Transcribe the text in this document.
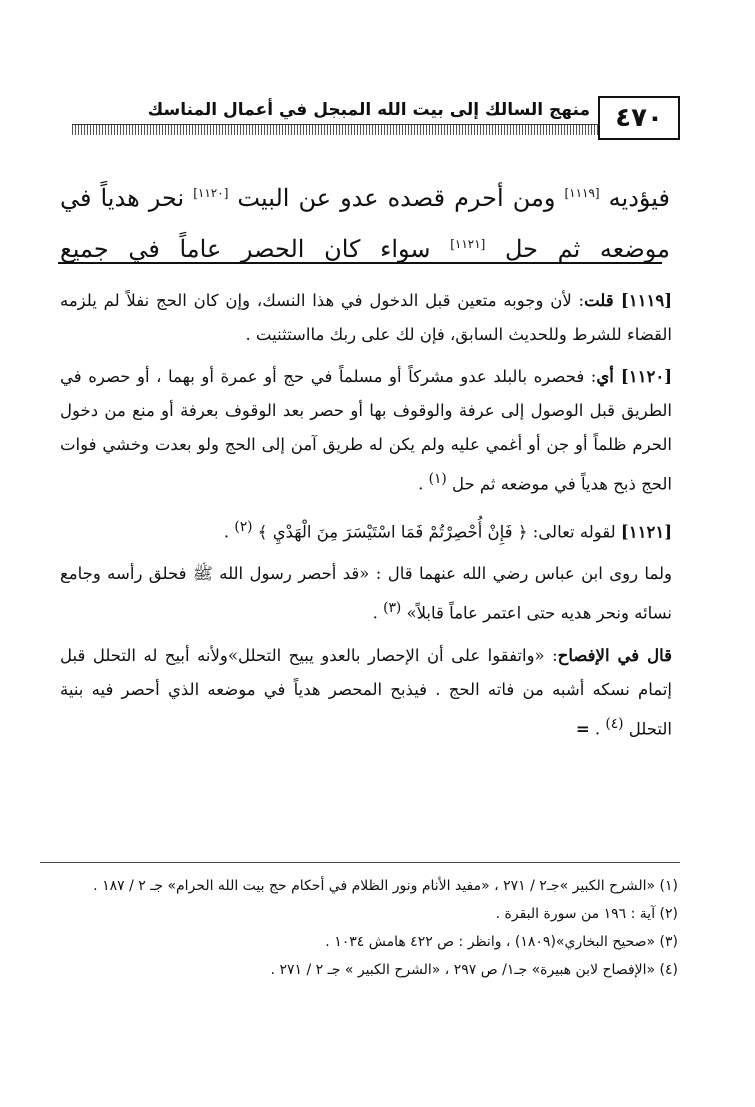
٤٧٠
منهج السالك إلى بيت الله المبجل في أعمال المناسك
فيؤديه [١١١٩] ومن أحرم قصده عدو عن البيت [١١٢٠] نحر هدياً في موضعه ثم حل [١١٢١] سواء كان الحصر عاماً في جميع

[١١١٩] قلت: لأن وجوبه متعين قبل الدخول في هذا النسك، وإن كان الحج نفلاً لم يلزمه القضاء للشرط وللحديث السابق، فإن لك على ربك مااستثنيت .

[١١٢٠] أي: فحصره بالبلد عدو مشركاً أو مسلماً في حج أو عمرة أو بهما ، أو حصره في الطريق قبل الوصول إلى عرفة والوقوف بها أو حصر بعد الوقوف بعرفة أو منع من دخول الحرم ظلماً أو جن أو أغمي عليه ولم يكن له طريق آمن إلى الحج ولو بعدت وخشي فوات الحج ذبح هدياً في موضعه ثم حل $^{(١)}$ .

[١١٢١] لقوله تعالى: ﴿ فَإِنْ أُحْصِرْتُمْ فَمَا اسْتَيْسَرَ مِنَ الْهَدْيِ ﴾ $^{(٢)}$ .

ولما روى ابن عباس رضي الله عنهما قال : «قد أحصر رسول الله ﷺ فحلق رأسه وجامع نسائه ونحر هديه حتى اعتمر عاماً قابلاً» $^{(٣)}$ .

قال في الإفصاح: «واتفقوا على أن الإحصار بالعدو يبيح التحلل»ولأنه أبيح له التحلل قبل إتمام نسكه أشبه من فاته الحج . فيذبح المحصر هدياً في موضعه الذي أحصر فيه بنية التحلل $^{(٤)}$ . =

(١) «الشرح الكبير »جـ٢ / ٢٧١ ، «مفيد الأنام ونور الظلام في أحكام حج بيت الله الحرام» جـ ٢ / ١٨٧ .

(٢) آية : ١٩٦ من سورة البقرة .

(٣) «صحيح البخاري»(١٨٠٩) ، وانظر : ص ٤٢٢ هامش ١٠٣٤ .

(٤) «الإفصاح لابن هبيرة» جـ١/ ص ٢٩٧ ، «الشرح الكبير » جـ ٢ / ٢٧١ .
